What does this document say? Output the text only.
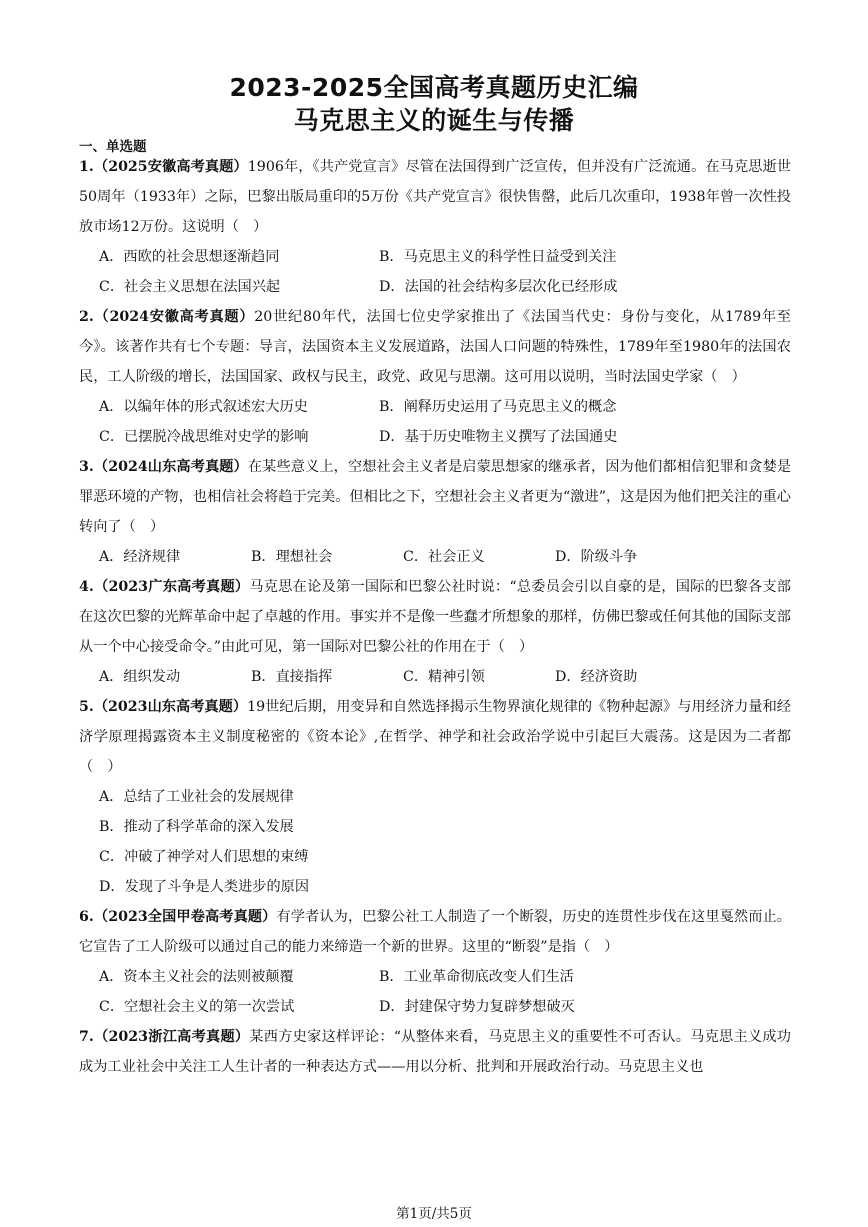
2023-2025全国高考真题历史汇编
马克思主义的诞生与传播
一、单选题
1.（2025安徽高考真题）1906年，《共产党宣言》尽管在法国得到广泛宣传，但并没有广泛流通。在马克思逝世50周年（1933年）之际，巴黎出版局重印的5万份《共产党宣言》很快售罄，此后几次重印，1938年曾一次性投放市场12万份。这说明（　）
A．西欧的社会思想逐渐趋同	B．马克思主义的科学性日益受到关注
C．社会主义思想在法国兴起	D．法国的社会结构多层次化已经形成
2.（2024安徽高考真题）20世纪80年代，法国七位史学家推出了《法国当代史：身份与变化，从1789年至今》。该著作共有七个专题：导言，法国资本主义发展道路，法国人口问题的特殊性，1789年至1980年的法国农民，工人阶级的增长，法国国家、政权与民主，政党、政见与思潮。这可用以说明，当时法国史学家（　）
A．以编年体的形式叙述宏大历史	B．阐释历史运用了马克思主义的概念
C．已摆脱冷战思维对史学的影响	D．基于历史唯物主义撰写了法国通史
3.（2024山东高考真题）在某些意义上，空想社会主义者是启蒙思想家的继承者，因为他们都相信犯罪和贪婪是罪恶环境的产物，也相信社会将趋于完美。但相比之下，空想社会主义者更为“激进”，这是因为他们把关注的重心转向了（　）
A．经济规律	B．理想社会	C．社会正义	D．阶级斗争
4.（2023广东高考真题）马克思在论及第一国际和巴黎公社时说：“总委员会引以自豪的是，国际的巴黎各支部在这次巴黎的光辉革命中起了卓越的作用。事实并不是像一些蠢才所想象的那样，仿佛巴黎或任何其他的国际支部从一个中心接受命令。”由此可见，第一国际对巴黎公社的作用在于（　）
A．组织发动	B．直接指挥	C．精神引领	D．经济资助
5.（2023山东高考真题）19世纪后期，用变异和自然选择揭示生物界演化规律的《物种起源》与用经济力量和经济学原理揭露资本主义制度秘密的《资本论》,在哲学、神学和社会政治学说中引起巨大震荡。这是因为二者都（　）
A．总结了工业社会的发展规律
B．推动了科学革命的深入发展
C．冲破了神学对人们思想的束缚
D．发现了斗争是人类进步的原因
6.（2023全国甲卷高考真题）有学者认为，巴黎公社工人制造了一个断裂，历史的连贯性步伐在这里戛然而止。它宣告了工人阶级可以通过自己的能力来缔造一个新的世界。这里的“断裂”是指（　）
A．资本主义社会的法则被颠覆	B．工业革命彻底改变人们生活
C．空想社会主义的第一次尝试	D．封建保守势力复辟梦想破灭
7.（2023浙江高考真题）某西方史家这样评论：“从整体来看，马克思主义的重要性不可否认。马克思主义成功成为工业社会中关注工人生计者的一种表达方式——用以分析、批判和开展政治行动。马克思主义也
第1页/共5页
